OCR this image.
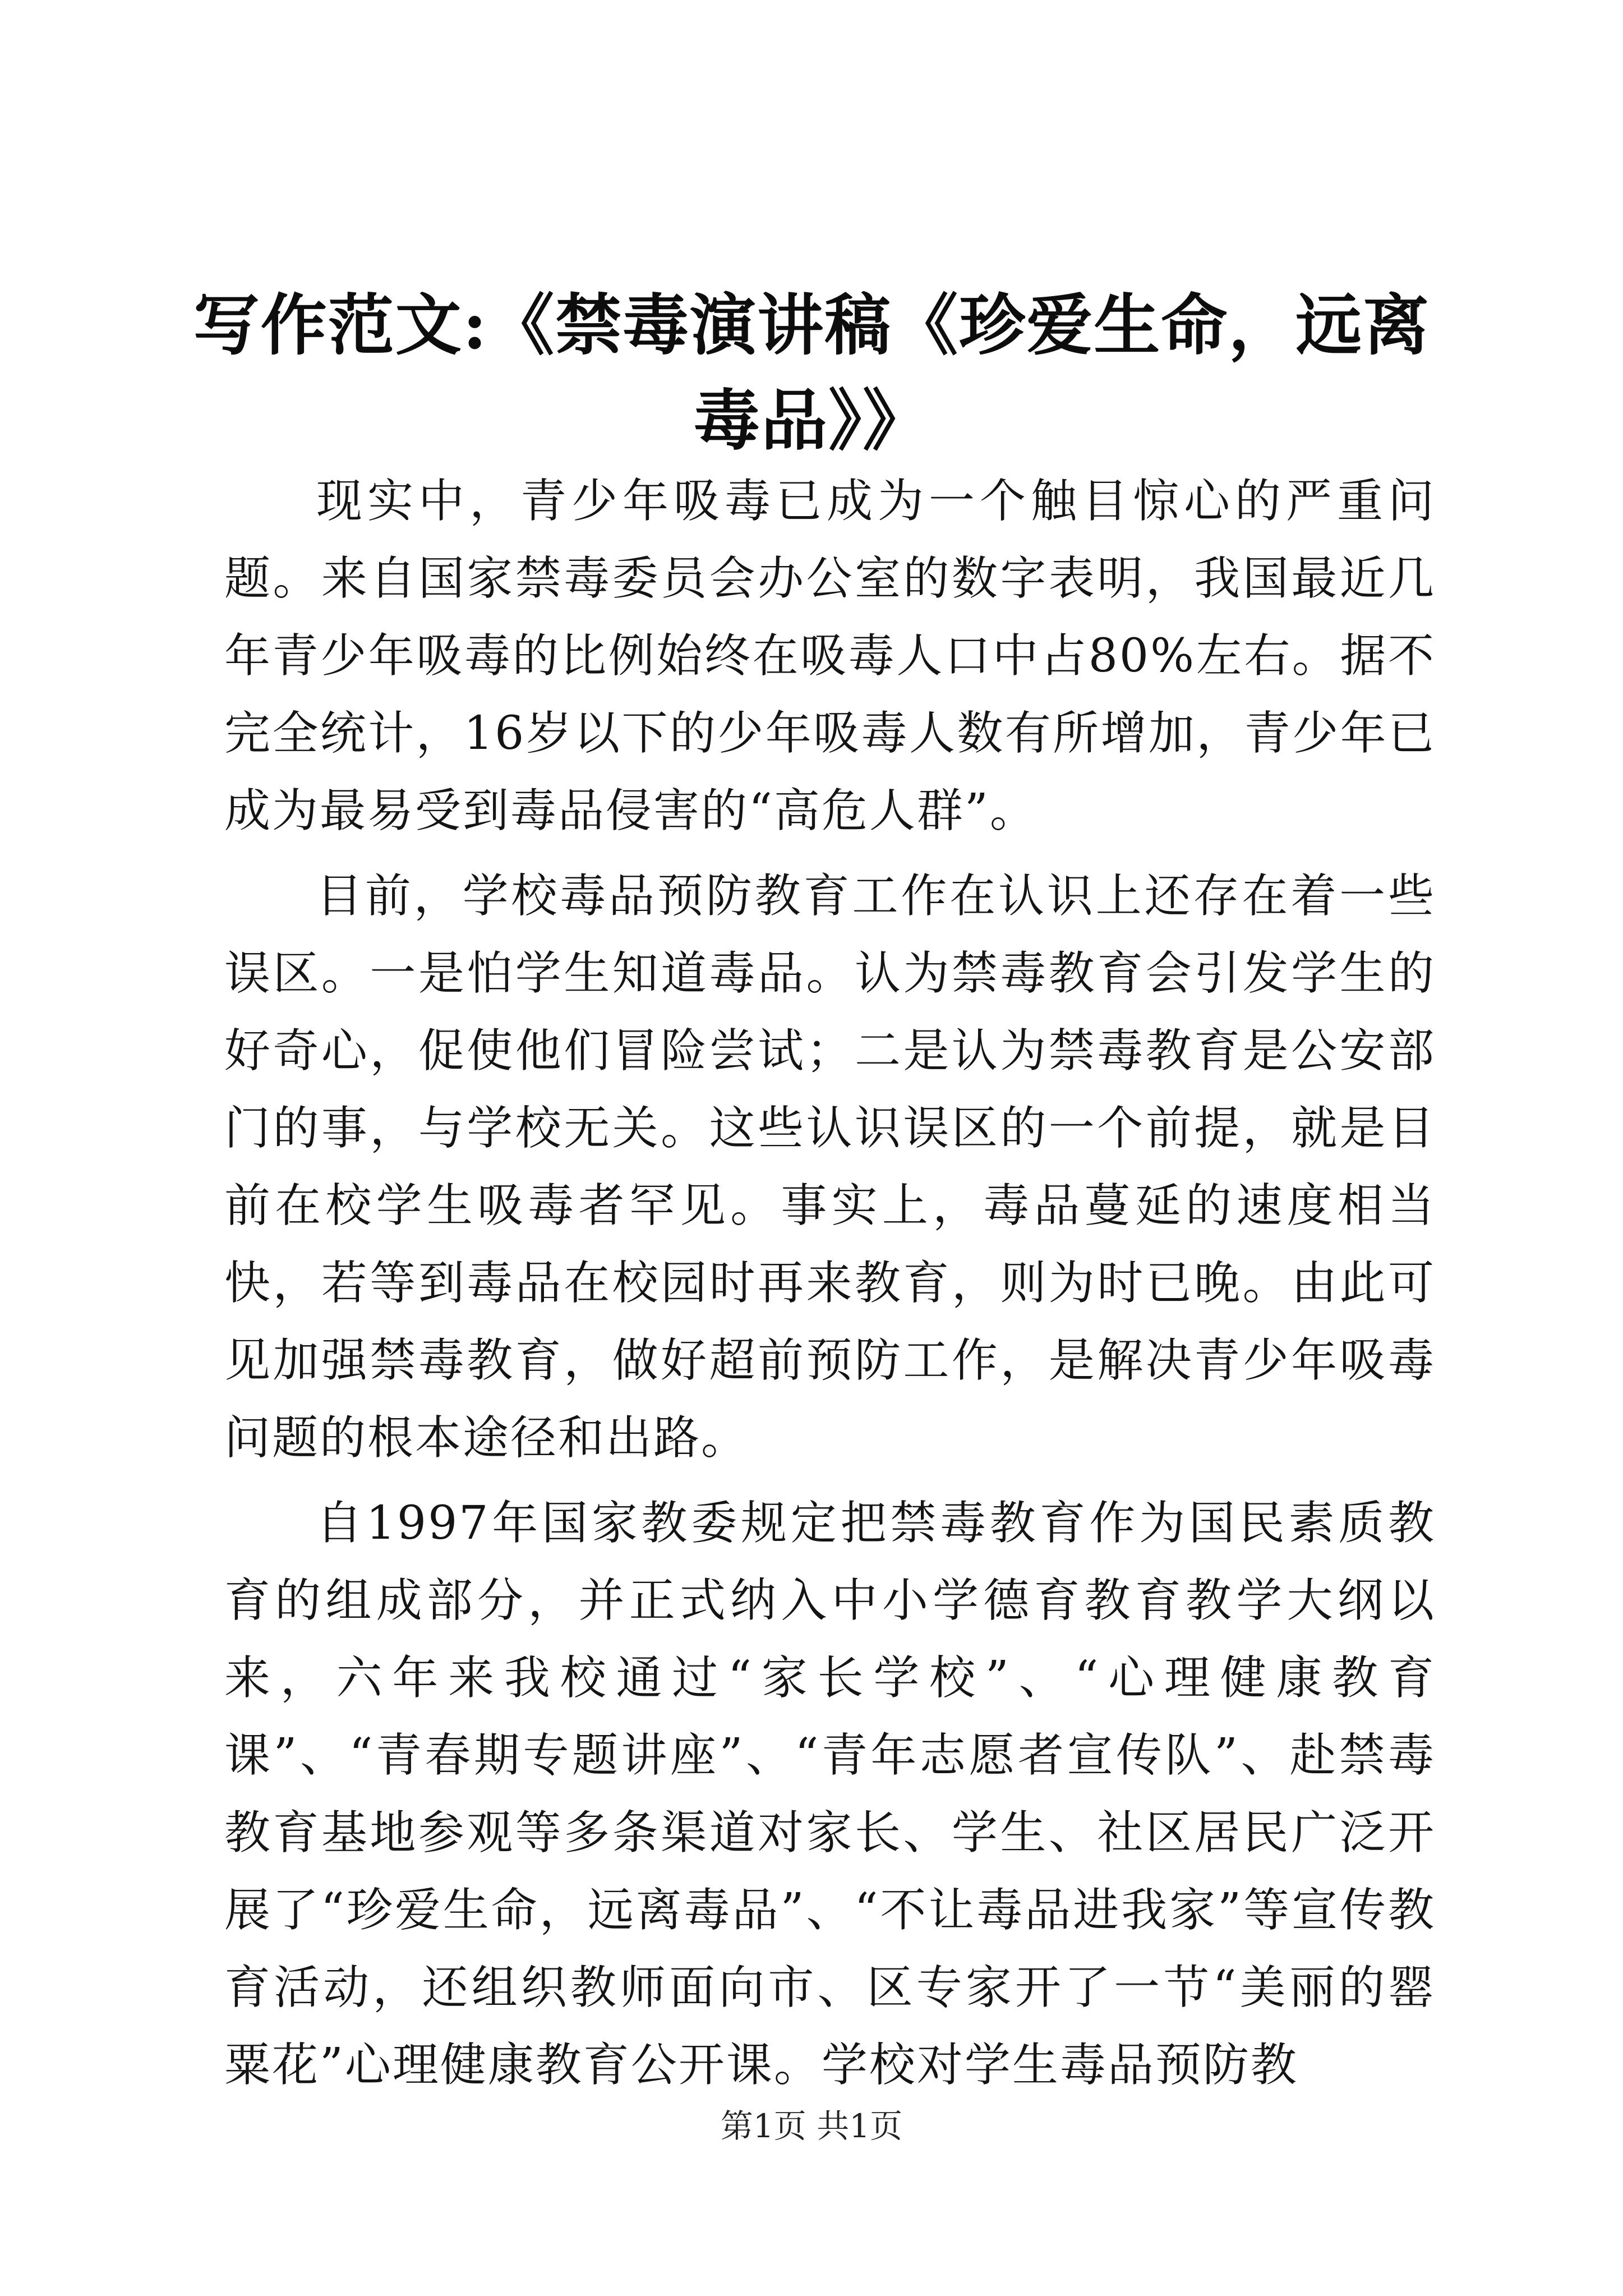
写作范文:《禁毒演讲稿《珍爱生命，远离毒品》》

现实中，青少年吸毒已成为一个触目惊心的严重问题。来自国家禁毒委员会办公室的数字表明，我国最近几年青少年吸毒的比例始终在吸毒人口中占80%左右。据不完全统计，16岁以下的少年吸毒人数有所增加，青少年已成为最易受到毒品侵害的“高危人群”。

目前，学校毒品预防教育工作在认识上还存在着一些误区。一是怕学生知道毒品。认为禁毒教育会引发学生的好奇心，促使他们冒险尝试；二是认为禁毒教育是公安部门的事，与学校无关。这些认识误区的一个前提，就是目前在校学生吸毒者罕见。事实上，毒品蔓延的速度相当快，若等到毒品在校园时再来教育，则为时已晚。由此可见加强禁毒教育，做好超前预防工作，是解决青少年吸毒问题的根本途径和出路。

自1997年国家教委规定把禁毒教育作为国民素质教育的组成部分，并正式纳入中小学德育教育教学大纲以来，六年来我校通过“家长学校”、“心理健康教育课”、“青春期专题讲座”、“青年志愿者宣传队”、赴禁毒教育基地参观等多条渠道对家长、学生、社区居民广泛开展了“珍爱生命，远离毒品”、“不让毒品进我家”等宣传教育活动，还组织教师面向市、区专家开了一节“美丽的罂粟花”心理健康教育公开课。学校对学生毒品预防教

第1页 共1页
